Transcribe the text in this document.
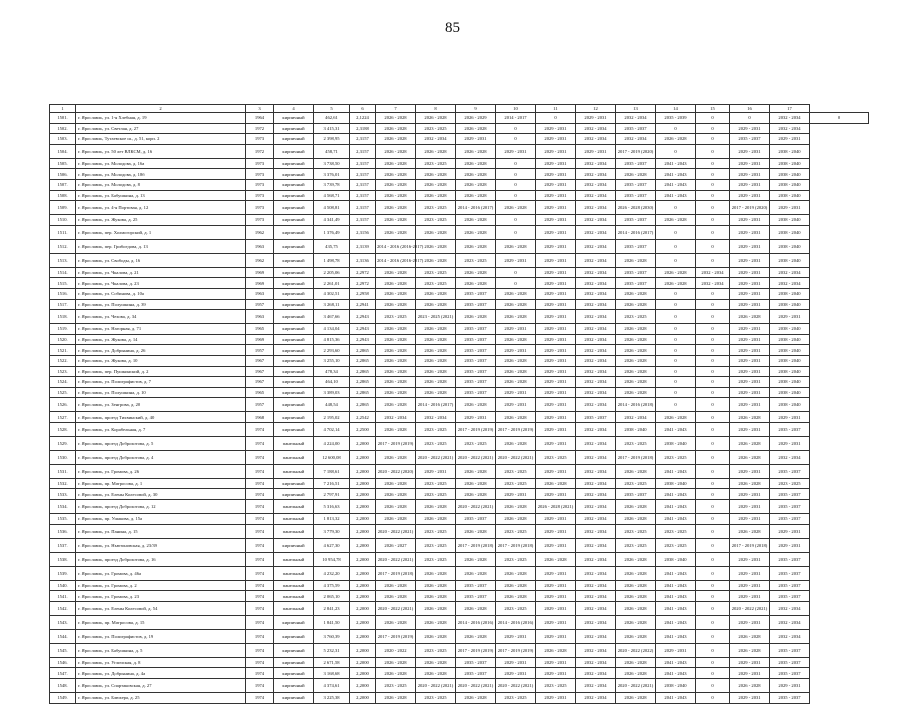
85
1	2	3	4	5	6	7	8	9	10	11	12	13	14	15	16	17	
1501.	г. Ярославль, ул. 1-я Хлебная, д. 19	1964	кирпичный	462,61	2,1224	2026 - 2028	2026 - 2028	2026 - 2029	2014 - 2017	0	2029 - 2031	2032 - 2034	2035 - 2039	0	0	2032 - 2034	0
1502.	г. Ярославль, ул. Светлая, д. 27	1972	кирпичный	3 415,31	2,3188	2026 - 2028	2023 - 2025	2026 - 2028	0	2029 - 2031	2032 - 2034	2035 - 2037	0	0	2029 - 2031	2032 - 2034	
1503.	г. Ярославль, Тутаевское ш., д. 51, корп. 2	1973	кирпичный	2 398,95	2,3157	2026 - 2028	2032 - 2034	2029 - 2031	0	2029 - 2031	2032 - 2034	2032 - 2034	2026 - 2028	0	2035 - 2037	2029 - 2031	
1504.	г. Ярославль, ул. 50 лет ВЛКСМ, д. 16	1972	кирпичный	458,71	2,3157	2026 - 2028	2026 - 2028	2026 - 2028	2029 - 2031	2029 - 2031	2029 - 2031	2017 - 2019 (2020)	0	0	2029 - 2031	2038 - 2040	
1505.	г. Ярославль, ул. Молодова, д. 16а	1973	кирпичный	3 738,50	2,3157	2026 - 2028	2023 - 2025	2026 - 2028	0	2029 - 2031	2032 - 2034	2035 - 2037	2041 - 2043	0	2029 - 2031	2038 - 2040	
1506.	г. Ярославль, ул. Молодова, д. 18б	1973	кирпичный	3 376,01	2,3157	2026 - 2028	2026 - 2028	2026 - 2028	0	2029 - 2031	2032 - 2034	2026 - 2028	2041 - 2043	0	2029 - 2031	2038 - 2040	
1507.	г. Ярославль, ул. Молодова, д. 8	1973	кирпичный	3 739,78	2,3157	2026 - 2028	2026 - 2028	2026 - 2028	0	2029 - 2031	2032 - 2034	2035 - 2037	2041 - 2043	0	2029 - 2031	2038 - 2040	
1508.	г. Ярославль, ул. Бабушкина, д. 13	1973	кирпичный	4 568,71	2,3157	2026 - 2028	2026 - 2028	2026 - 2028	0	2029 - 2031	2032 - 2034	2035 - 2037	2041 - 2043	0	2029 - 2031	2038 - 2040	
1509.	г. Ярославль, ул. 4-я Портовая, д. 12	1973	кирпичный	4 508,81	2,3157	2026 - 2028	2023 - 2025	2014 - 2016 (2017)	2026 - 2028	2029 - 2031	2032 - 2034	2026 - 2028 (2030)	0	0	2017 - 2019 (2020)	2029 - 2031	
1510.	г. Ярославль, ул. Жукова, д. 25	1973	кирпичный	4 341,49	2,3157	2026 - 2028	2023 - 2025	2026 - 2028	0	2029 - 2031	2032 - 2034	2035 - 2037	2026 - 2028	0	2029 - 2031	2038 - 2040	
1511.	г. Ярославль, пер. Холмогорский, д. 1	1962	кирпичный	1 376,49	2,3156	2026 - 2028	2026 - 2028	2026 - 2028	0	2029 - 2031	2032 - 2034	2014 - 2016 (2017)	0	0	2029 - 2031	2038 - 2040	
1512.	г. Ярославль, пер. Грибоедова, д. 13	1963	кирпичный	435,75	2,3139	2014 - 2016 (2016-2017)	2026 - 2028	2026 - 2028	2026 - 2028	2029 - 2031	2032 - 2034	2035 - 2037	0	0	2029 - 2031	2038 - 2040	
1513.	г. Ярославль, ул. Свободы, д. 16	1962	кирпичный	1 498,78	2,3136	2014 - 2016 (2016-2017)	2026 - 2028	2023 - 2025	2029 - 2031	2029 - 2031	2032 - 2034	2026 - 2028	0	0	2029 - 2031	2038 - 2040	
1514.	г. Ярославль, ул. Чкалова, д. 21	1969	кирпичный	2 205,06	2,2972	2026 - 2028	2023 - 2025	2026 - 2028	0	2029 - 2031	2032 - 2034	2035 - 2037	2026 - 2028	2032 - 2034	2029 - 2031	2032 - 2034	
1515.	г. Ярославль, ул. Чкалова, д. 23	1969	кирпичный	2 261,01	2,2972	2026 - 2028	2023 - 2025	2026 - 2028	0	2029 - 2031	2032 - 2034	2035 - 2037	2026 - 2028	2032 - 2034	2029 - 2031	2032 - 2034	
1516.	г. Ярославль, ул. Собинова, д. 10а	1963	кирпичный	4 302,51	2,2958	2026 - 2028	2026 - 2028	2035 - 2037	2026 - 2028	2029 - 2031	2032 - 2034	2026 - 2028	0	0	2029 - 2031	2038 - 2040	
1517.	г. Ярославль, ул. Полушкина, д. 39	1957	кирпичный	3 268,11	2,2941	2026 - 2028	2026 - 2028	2035 - 2037	2026 - 2028	2029 - 2031	2032 - 2034	2026 - 2028	0	0	2029 - 2031	2038 - 2040	
1518.	г. Ярославль, ул. Чехова, д. 34	1963	кирпичный	3 467,66	2,2943	2023 - 2025	2023 - 2025 (2021)	2026 - 2028	2026 - 2028	2029 - 2031	2032 - 2034	2023 - 2025	0	0	2026 - 2028	2029 - 2031	
1519.	г. Ярославль, ул. Нагорная, д. 71	1965	кирпичный	4 134,04	2,2943	2026 - 2028	2026 - 2028	2035 - 2037	2029 - 2031	2029 - 2031	2032 - 2034	2026 - 2028	0	0	2029 - 2031	2038 - 2040	
1520.	г. Ярославль, ул. Жукова, д. 14	1969	кирпичный	4 815,36	2,2943	2026 - 2028	2026 - 2028	2035 - 2037	2026 - 2028	2029 - 2031	2032 - 2034	2026 - 2028	0	0	2029 - 2031	2038 - 2040	
1521.	г. Ярославль, ул. Добрынина, д. 26	1957	кирпичный	2 293,60	2,2865	2026 - 2028	2026 - 2028	2035 - 2037	2029 - 2031	2029 - 2031	2032 - 2034	2026 - 2028	0	0	2029 - 2031	2038 - 2040	
1522.	г. Ярославль, ул. Жукова, д. 10	1967	кирпичный	3 255,10	2,2865	2026 - 2028	2026 - 2028	2035 - 2037	2026 - 2028	2029 - 2031	2032 - 2034	2026 - 2028	0	0	2029 - 2031	2038 - 2040	
1523.	г. Ярославль, пер. Пушкинский, д. 2	1967	кирпичный	478,34	2,2865	2026 - 2028	2026 - 2028	2035 - 2037	2026 - 2028	2029 - 2031	2032 - 2034	2026 - 2028	0	0	2029 - 2031	2038 - 2040	
1524.	г. Ярославль, ул. Полиграфистов, д. 7	1967	кирпичный	464,10	2,2865	2026 - 2028	2026 - 2028	2035 - 2037	2026 - 2028	2029 - 2031	2032 - 2034	2026 - 2028	0	0	2029 - 2031	2038 - 2040	
1525.	г. Ярославль, ул. Полушкина, д. 10	1965	кирпичный	3 389,03	2,2865	2026 - 2028	2026 - 2028	2035 - 2037	2029 - 2031	2029 - 2031	2032 - 2034	2026 - 2028	0	0	2029 - 2031	2038 - 2040	
1526.	г. Ярославль, ул. Зенгрова, д. 20	1957	кирпичный	448,54	2,2865	2026 - 2028	2014 - 2016 (2017)	2026 - 2028	2029 - 2031	2029 - 2031	2032 - 2034	2014 - 2016 (2018)	0	0	2029 - 2031	2038 - 2040	
1527.	г. Ярославль, проезд Тихвинский, д. 40	1968	кирпичный	2 195,02	2,2542	2032 - 2034	2032 - 2034	2029 - 2031	2026 - 2028	2029 - 2031	2035 - 2037	2032 - 2034	2026 - 2028	0	2026 - 2028	2029 - 2031	
1528.	г. Ярославль, ул. Корабельная, д. 7	1974	кирпичный	4 702,14	2,2500	2026 - 2028	2023 - 2025	2017 - 2019 (2019)	2017 - 2019 (2019)	2029 - 2031	2032 - 2034	2038 - 2040	2041 - 2043	0	2029 - 2031	2035 - 2037	
1529.	г. Ярославль, проезд Доброхотова, д. 5	1974	панельный	4 224,00	2,2000	2017 - 2019 (2019)	2023 - 2025	2023 - 2025	2026 - 2028	2029 - 2031	2032 - 2034	2023 - 2025	2038 - 2040	0	2026 - 2028	2029 - 2031	
1530.	г. Ярославль, проезд Доброхотова, д. 4	1974	панельный	12 600,08	2,2000	2026 - 2028	2020 - 2022 (2021)	2020 - 2022 (2021)	2020 - 2022 (2021)	2023 - 2025	2032 - 2034	2017 - 2019 (2018)	2023 - 2025	0	2026 - 2028	2032 - 2034	
1531.	г. Ярославль, ул. Громова, д. 26	1974	панельный	7 188,61	2,2000	2020 - 2022 (2020)	2029 - 2031	2026 - 2028	2023 - 2025	2029 - 2031	2032 - 2034	2026 - 2028	2041 - 2043	0	2029 - 2031	2035 - 2037	
1532.	г. Ярославль, пр. Матросова, д. 1	1974	кирпичный	7 216,51	2,2000	2026 - 2028	2023 - 2025	2026 - 2028	2023 - 2025	2026 - 2028	2032 - 2034	2023 - 2025	2038 - 2040	0	2026 - 2028	2023 - 2025	
1533.	г. Ярославль, ул. Елены Колесовой, д. 30	1974	кирпичный	2 797,91	2,2000	2026 - 2028	2023 - 2025	2026 - 2028	2029 - 2031	2029 - 2031	2032 - 2034	2035 - 2037	2041 - 2043	0	2029 - 2031	2035 - 2037	
1534.	г. Ярославль, проезд Доброхотова, д. 12	1974	панельный	5 316,63	2,2000	2026 - 2028	2026 - 2028	2020 - 2022 (2021)	2026 - 2028	2026 - 2028 (2021)	2032 - 2034	2026 - 2028	2041 - 2043	0	2029 - 2031	2035 - 2037	
1535.	г. Ярославль, пр. Ушакова, д. 15а	1974	панельный	1 813,32	2,2000	2026 - 2028	2026 - 2028	2035 - 2037	2026 - 2028	2029 - 2031	2032 - 2034	2026 - 2028	2041 - 2043	0	2029 - 2031	2035 - 2037	
1536.	г. Ярославль, ул. Панина, д. 15	1974	панельный	3 779,30	2,2000	2020 - 2022 (2021)	2023 - 2025	2026 - 2028	2023 - 2025	2029 - 2031	2032 - 2034	2023 - 2025	2023 - 2025	0	2026 - 2028	2029 - 2031	
1537.	г. Ярославль, ул. Ньютоновская, д. 23/39	1974	кирпичный	4 627,30	2,2000	2026 - 2027	2023 - 2025	2017 - 2019 (2018)	2017 - 2019 (2018)	2029 - 2031	2032 - 2034	2023 - 2025	2023 - 2025	0	2017 - 2019 (2018)	2029 - 2031	
1538.	г. Ярославль, проезд Доброхотова, д. 16	1974	панельный	10 954,78	2,2000	2020 - 2022 (2021)	2023 - 2025	2026 - 2028	2023 - 2025	2026 - 2028	2032 - 2034	2026 - 2028	2038 - 2040	0	2029 - 2031	2035 - 2037	
1539.	г. Ярославль, ул. Громова, д. 46а	1974	панельный	4 232,20	2,2000	2017 - 2019 (2018)	2026 - 2028	2026 - 2028	2026 - 2028	2029 - 2031	2032 - 2034	2026 - 2028	2041 - 2043	0	2029 - 2031	2035 - 2037	
1540.	г. Ярославль, ул. Громова, д. 2	1974	панельный	4 375,59	2,2000	2026 - 2028	2026 - 2028	2035 - 2037	2026 - 2028	2029 - 2031	2032 - 2034	2026 - 2028	2041 - 2043	0	2029 - 2031	2035 - 2037	
1541.	г. Ярославль, ул. Громова, д. 23	1974	панельный	2 065,10	2,2000	2026 - 2028	2026 - 2028	2035 - 2037	2026 - 2028	2029 - 2031	2032 - 2034	2026 - 2028	2041 - 2043	0	2029 - 2031	2035 - 2037	
1542.	г. Ярославль, ул. Елены Колесовой, д. 54	1974	панельный	2 841,23	2,2000	2020 - 2022 (2021)	2026 - 2028	2026 - 2028	2023 - 2025	2029 - 2031	2032 - 2034	2026 - 2028	2041 - 2043	0	2020 - 2022 (2021)	2032 - 2034	
1543.	г. Ярославль, пр. Матросова, д. 15	1974	кирпичный	1 841,50	2,2000	2026 - 2028	2026 - 2028	2014 - 2016 (2016)	2014 - 2016 (2016)	2029 - 2031	2032 - 2034	2026 - 2028	2041 - 2043	0	2029 - 2031	2032 - 2034	
1544.	г. Ярославль, ул. Полиграфистов, д. 19	1974	кирпичный	3 760,39	2,2000	2017 - 2019 (2019)	2026 - 2028	2026 - 2028	2029 - 2031	2029 - 2031	2032 - 2034	2026 - 2028	2041 - 2043	0	2026 - 2028	2032 - 2034	
1545.	г. Ярославль, ул. Бабушкина, д. 5	1974	кирпичный	5 232,31	2,2000	2020 - 2022	2023 - 2025	2017 - 2019 (2019)	2017 - 2019 (2019)	2026 - 2028	2032 - 2034	2020 - 2022 (2022)	2029 - 2031	0	2026 - 2028	2035 - 2037	
1546.	г. Ярославль, ул. Угличская, д. 8	1974	кирпичный	2 671,58	2,2000	2026 - 2028	2026 - 2028	2035 - 2037	2029 - 2031	2029 - 2031	2032 - 2034	2026 - 2028	2041 - 2043	0	2029 - 2031	2035 - 2037	
1547.	г. Ярославль, ул. Добрынина, д. 4а	1974	кирпичный	3 168,68	2,2000	2026 - 2028	2026 - 2028	2035 - 2037	2029 - 2031	2029 - 2031	2032 - 2034	2026 - 2028	2041 - 2043	0	2029 - 2031	2035 - 2037	
1548.	г. Ярославль, ул. Спартаковская, д. 27	1974	кирпичный	4 374,61	2,2000	2023 - 2025	2020 - 2022 (2021)	2020 - 2022 (2021)	2020 - 2022 (2021)	2023 - 2025	2032 - 2034	2020 - 2022 (2021)	2038 - 2040	0	2026 - 2028	2029 - 2031	
1549.	г. Ярославль, ул. Блюхера, д. 25	1974	кирпичный	3 225,38	2,2000	2026 - 2028	2023 - 2025	2026 - 2028	2023 - 2025	2029 - 2031	2032 - 2034	2026 - 2028	2041 - 2043	0	2029 - 2031	2035 - 2037	
